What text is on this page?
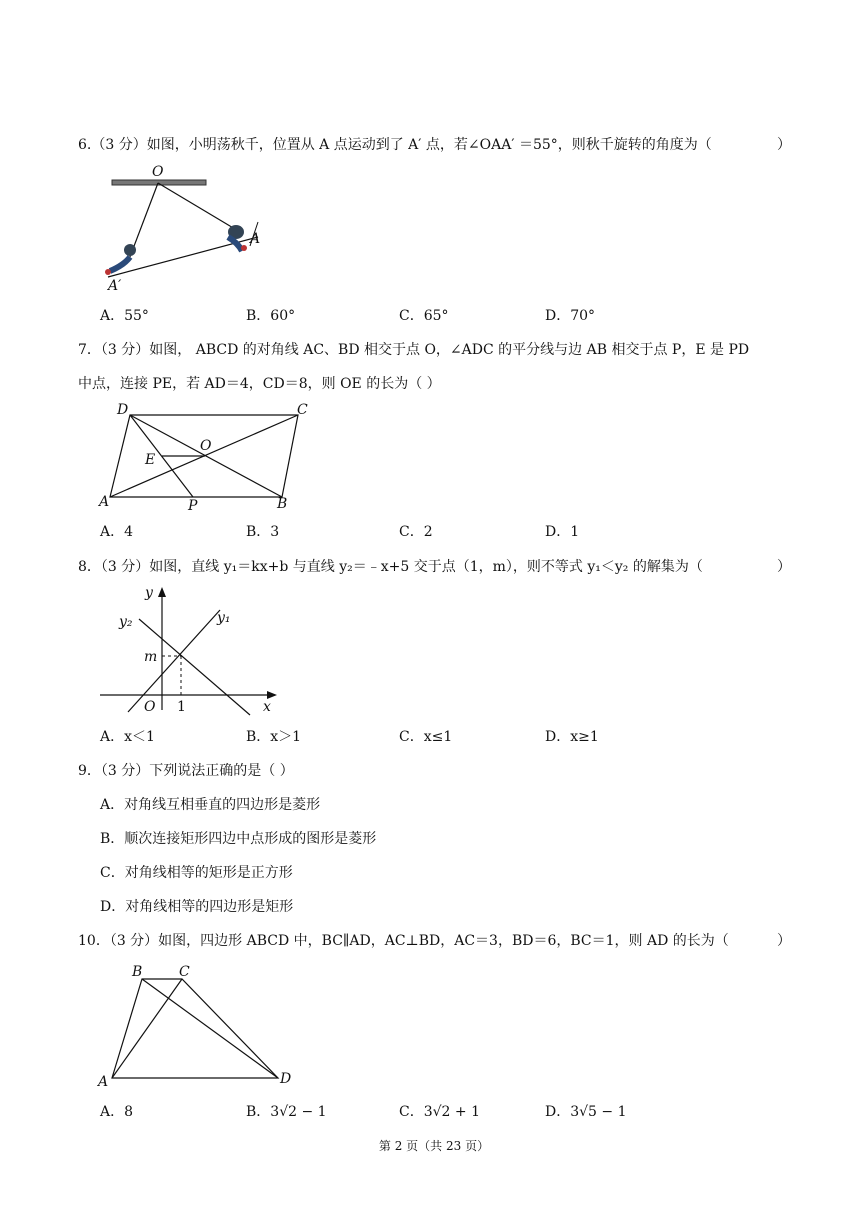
6.（3 分）如图，小明荡秋千，位置从 A 点运动到了 A′ 点，若∠OAA′ ＝55°，则秋千旋转的角度为（	）
O
A
A′
A．55°	B．60°	C．65°	D．70°
7．（3 分）如图， ABCD 的对角线 AC、BD 相交于点 O，∠ADC 的平分线与边 AB 相交于点 P，E 是 PD
中点，连接 PE，若 AD＝4，CD＝8，则 OE 的长为（ ）
D	C
O
E
A	P	B
A．4	B．3	C．2	D．1
8．（3 分）如图，直线 y₁＝kx+b 与直线 y₂＝﹣x+5 交于点（1，m），则不等式 y₁＜y₂ 的解集为（	）
y
x
O
m
1
y₁
y₂
A．x＜1	B．x＞1	C．x≤1	D．x≥1
9．（3 分）下列说法正确的是（ ）
A．对角线互相垂直的四边形是菱形
B．顺次连接矩形四边中点形成的图形是菱形
C．对角线相等的矩形是正方形
D．对角线相等的四边形是矩形
10．（3 分）如图，四边形 ABCD 中，BC∥AD，AC⊥BD，AC＝3，BD＝6，BC＝1，则 AD 的长为（	）
B	C
A	D
A．8	B．3√2 − 1	C．3√2 + 1	D．3√5 − 1
第 2 页（共 23 页）
